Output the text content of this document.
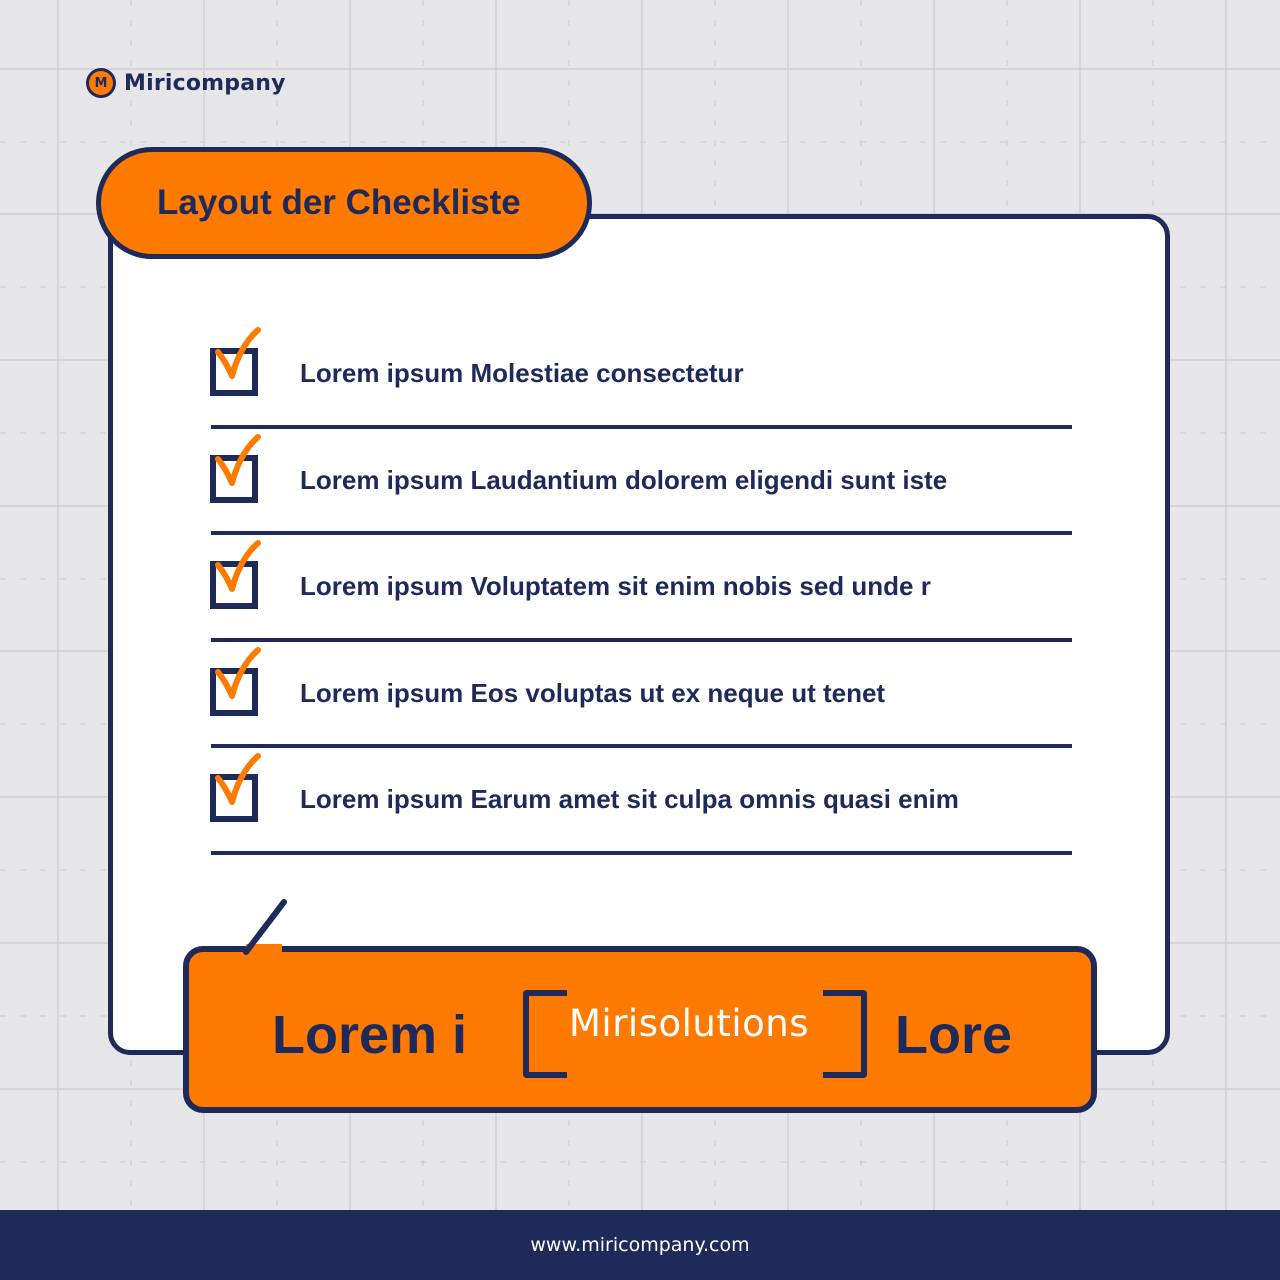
M Miricompany
Layout der Checkliste
Lorem ipsum Molestiae consectetur
Lorem ipsum Laudantium dolorem eligendi sunt iste
Lorem ipsum Voluptatem sit enim nobis sed unde r
Lorem ipsum Eos voluptas ut ex neque ut tenet
Lorem ipsum Earum amet sit culpa omnis quasi enim
Lorem i	Mirisolutions Lore
www.miricompany.com
